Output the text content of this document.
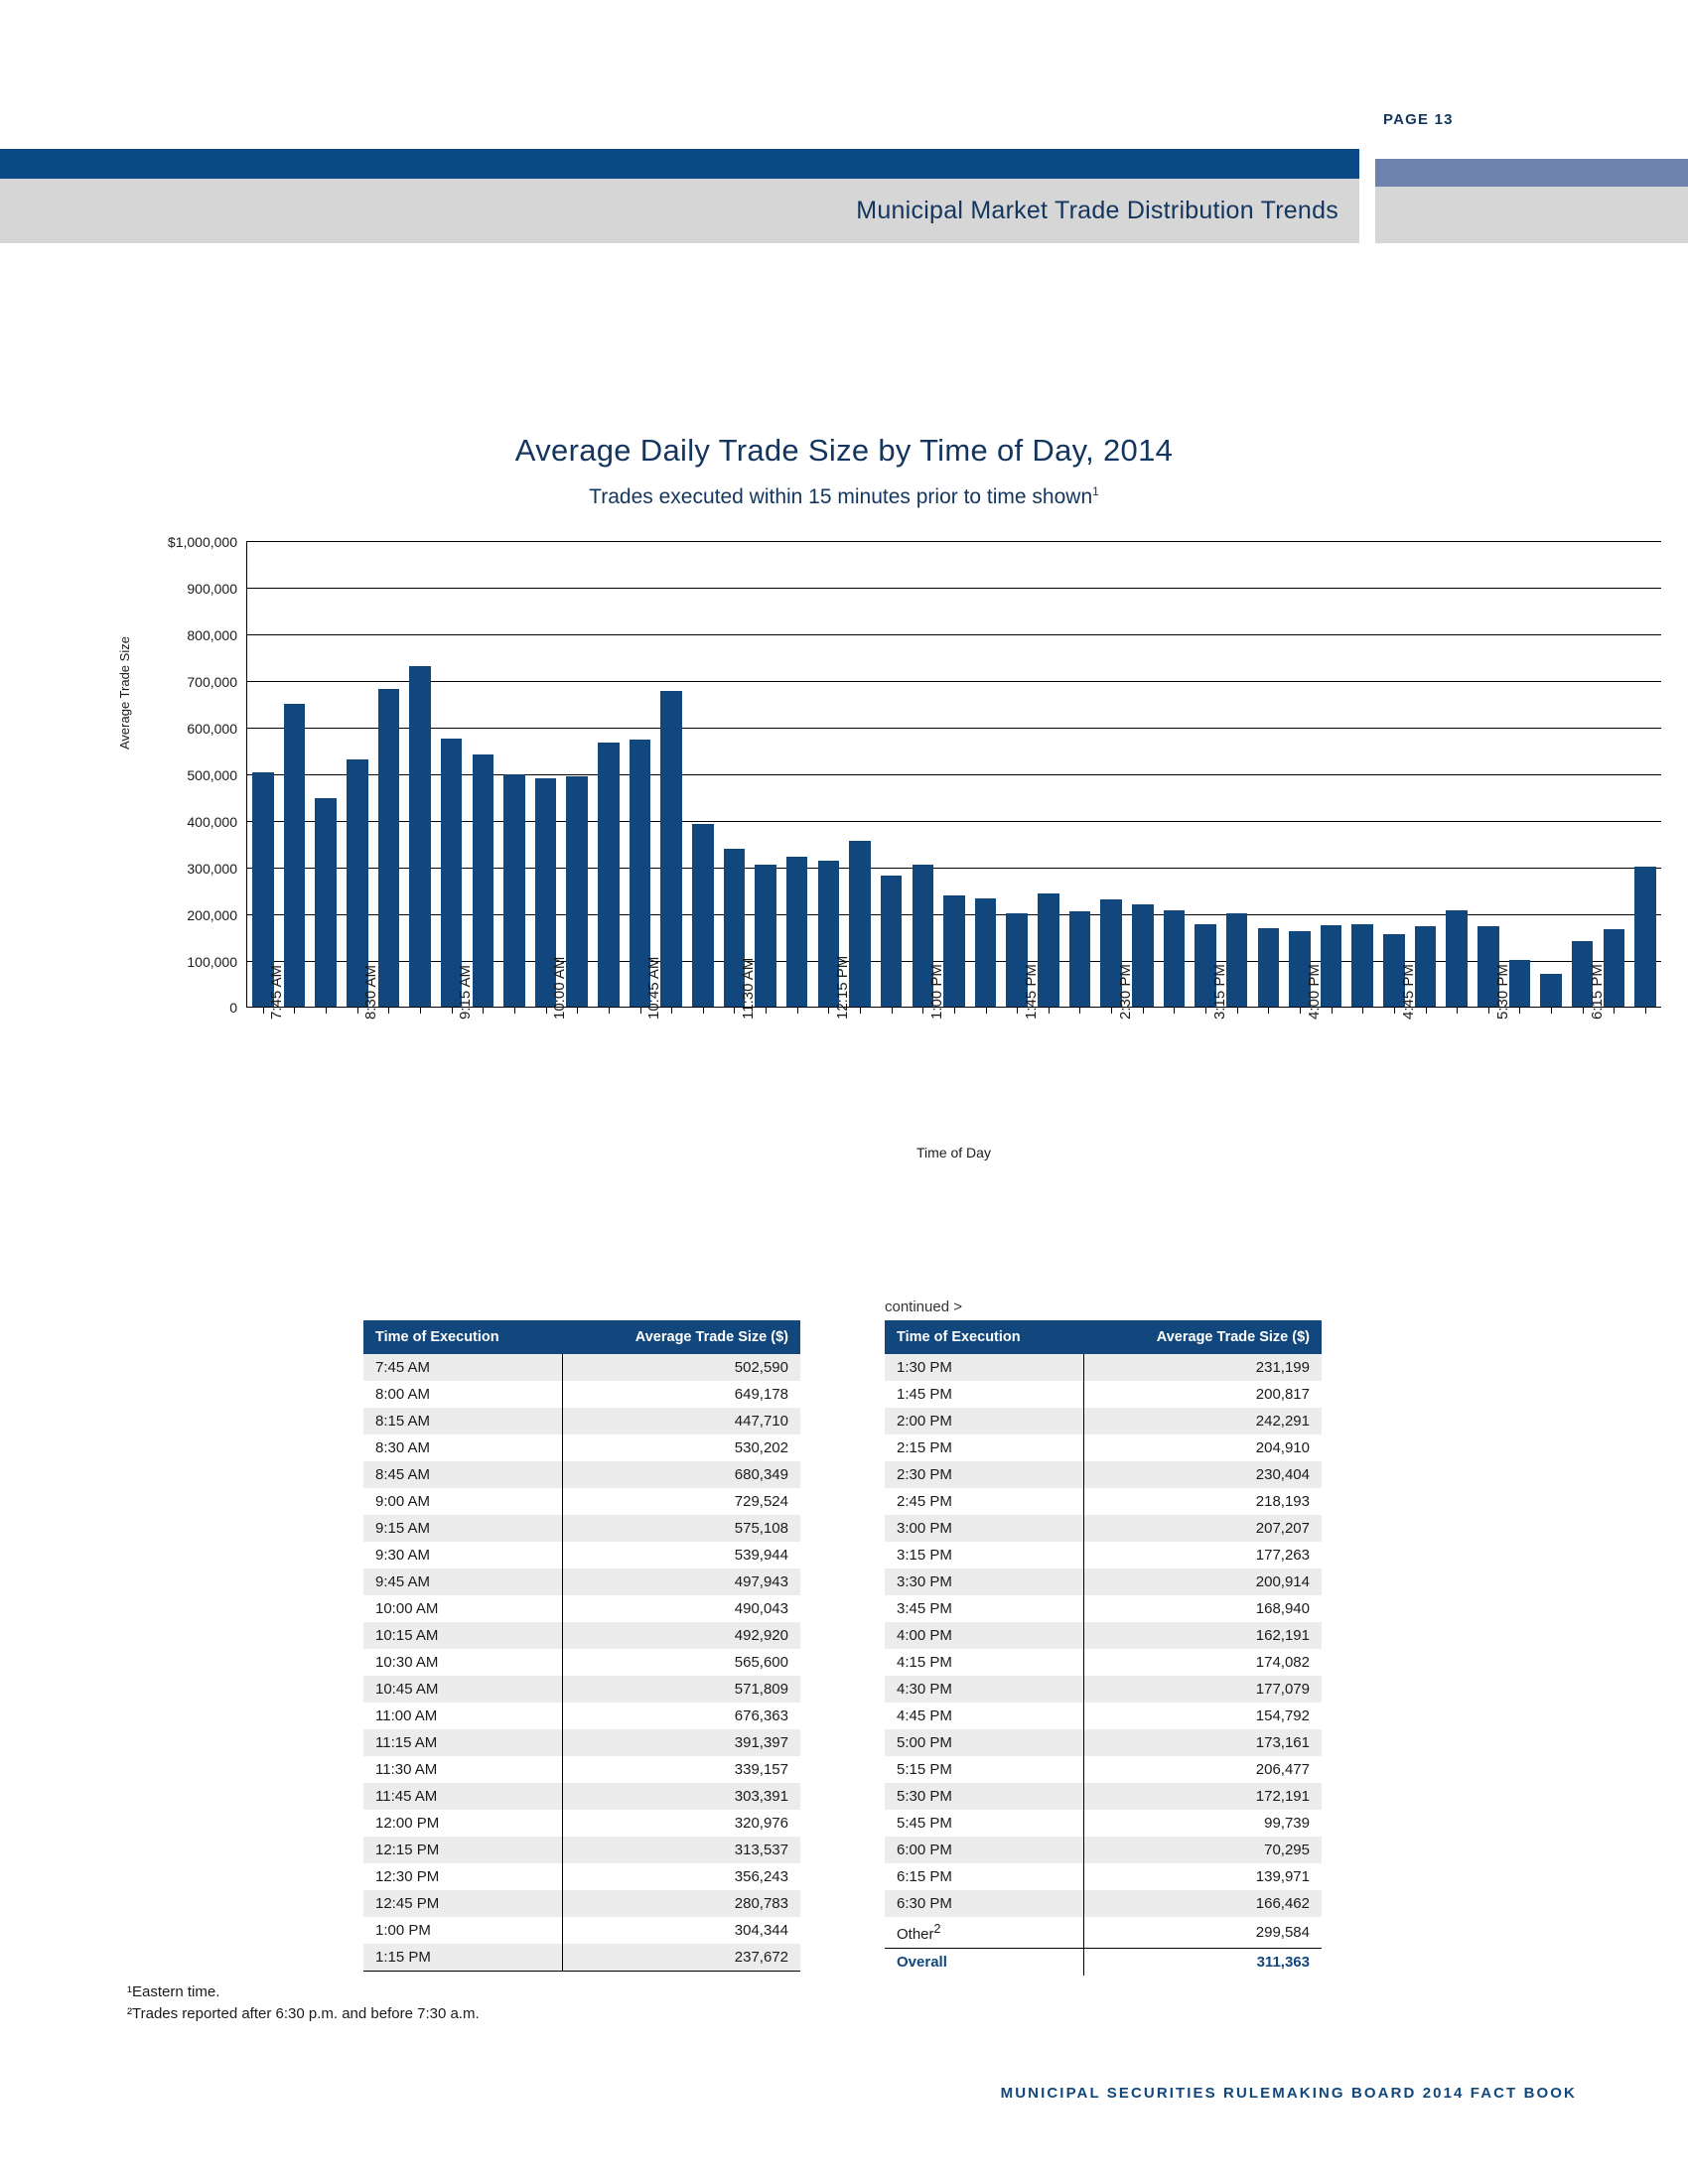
PAGE 13
Municipal Market Trade Distribution Trends
Average Daily Trade Size by Time of Day, 2014
Trades executed within 15 minutes prior to time shown$^1$
Average Trade Size
$1,000,000
900,000
800,000
700,000
600,000
500,000
400,000
300,000
200,000
100,000
0 7:45 AM	8:30 AM	9:15 AM	10:00 AM	10:45 AM	11:30 AM	12:15 PM	1:00 PM	1:45 PM	2:30 PM	3:15 PM	4:00 PM	4:45 PM	5:30 PM	6:15 PM
Time of Day
continued >
Time of Execution	Average Trade Size ($)
7:45 AM	502,590
8:00 AM	649,178
8:15 AM	447,710
8:30 AM	530,202
8:45 AM	680,349
9:00 AM	729,524
9:15 AM	575,108
9:30 AM	539,944
9:45 AM	497,943
10:00 AM	490,043
10:15 AM	492,920
10:30 AM	565,600
10:45 AM	571,809
11:00 AM	676,363
11:15 AM	391,397
11:30 AM	339,157
11:45 AM	303,391
12:00 PM	320,976
12:15 PM	313,537
12:30 PM	356,243
12:45 PM	280,783
1:00 PM	304,344
1:15 PM	237,672
Time of Execution	Average Trade Size ($)
1:30 PM	231,199
1:45 PM	200,817
2:00 PM	242,291
2:15 PM	204,910
2:30 PM	230,404
2:45 PM	218,193
3:00 PM	207,207
3:15 PM	177,263
3:30 PM	200,914
3:45 PM	168,940
4:00 PM	162,191
4:15 PM	174,082
4:30 PM	177,079
4:45 PM	154,792
5:00 PM	173,161
5:15 PM	206,477
5:30 PM	172,191
5:45 PM	99,739
6:00 PM	70,295
6:15 PM	139,971
6:30 PM	166,462
Other$^2$	299,584
Overall	311,363
¹Eastern time.
²Trades reported after 6:30 p.m. and before 7:30 a.m.
MUNICIPAL SECURITIES RULEMAKING BOARD 2014 FACT BOOK
